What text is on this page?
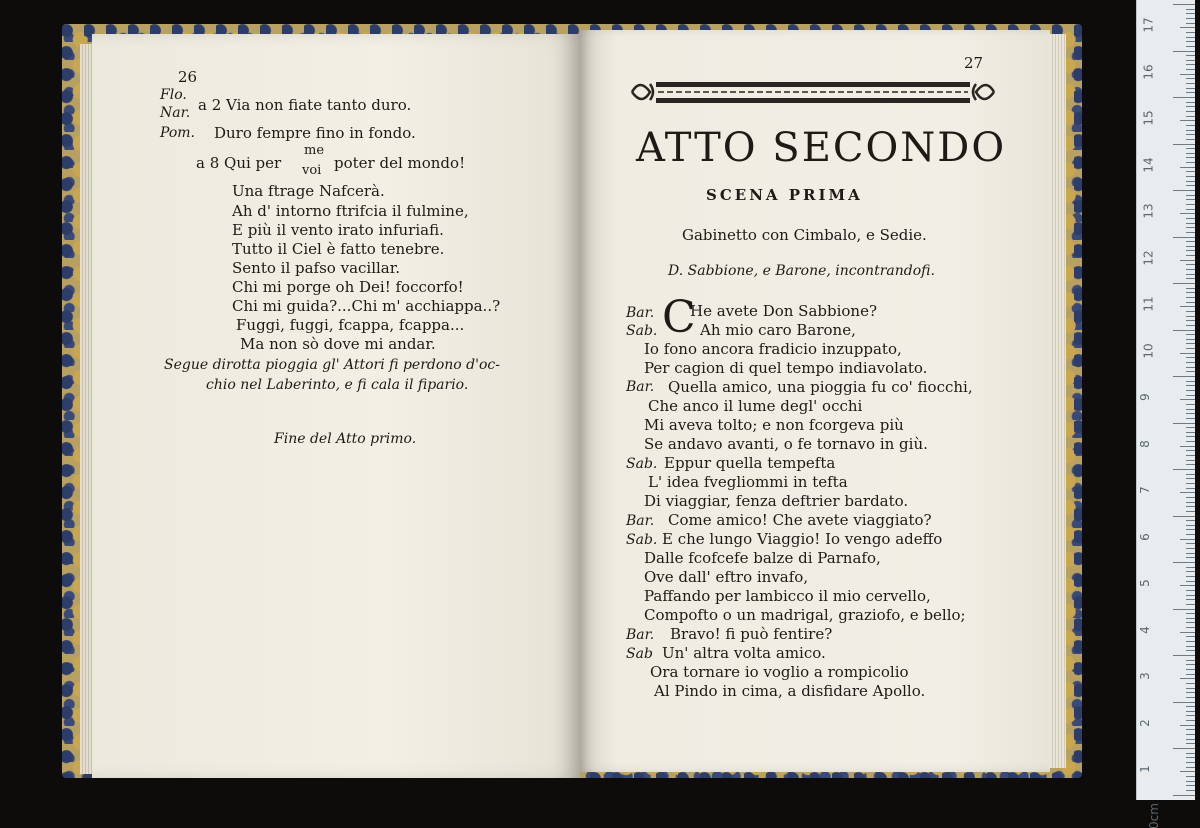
26
Flo.
Nar. a 2 Via non fiate tanto duro.
Pom. Duro fempre fino in fondo.
a 8 Qui per
me
voi poter del mondo!
Una ftrage Nafcerà.
Ah d' intorno ftrifcia il fulmine,
E più il vento irato infuriafi.
Tutto il Ciel è fatto tenebre.
Sento il pafso vacillar.
Chi mi porge oh Dei! foccorfo!
Chi mi guida?...Chi m' acchiappa..?
Fuggi, fuggi, fcappa, fcappa...
Ma non sò dove mi andar.
Segue dirotta pioggia gl' Attori fi perdono d'oc-
chio nel Laberinto, e fi cala il fipario.
Fine del Atto primo.
27
ATTO SECONDO
SCENA PRIMA
Gabinetto con Cimbalo, e Sedie.
D. Sabbione, e Barone, incontrandofi.
C
Bar. He avete Don Sabbione?
Sab.	Ah mio caro Barone,
Io fono ancora fradicio inzuppato,
Per cagion di quel tempo indiavolato.
Bar. Quella amico, una pioggia fu co' fiocchi,
Che anco il lume degl' occhi
Mi aveva tolto; e non fcorgeva più
Se andavo avanti, o fe tornavo in giù.
Sab. Eppur quella tempefta
L' idea fvegliommi in tefta
Di viaggiar, fenza deftrier bardato.
Bar. Come amico! Che avete viaggiato?
Sab. E che lungo Viaggio! Io vengo adeffo
Dalle fcofcefe balze di Parnafo,
Ove dall' eftro invafo,
Paffando per lambicco il mio cervello,
Compofto o un madrigal, graziofo, e bello;
Bar. Bravo! fi può fentire?
Sab Un' altra volta amico.
Ora tornare io voglio a rompicolio
Al Pindo in cima, a disfidare Apollo.
17
16
15
14
13
12
11
10
9
8
7
6
5
4
3
2
1
0cm
